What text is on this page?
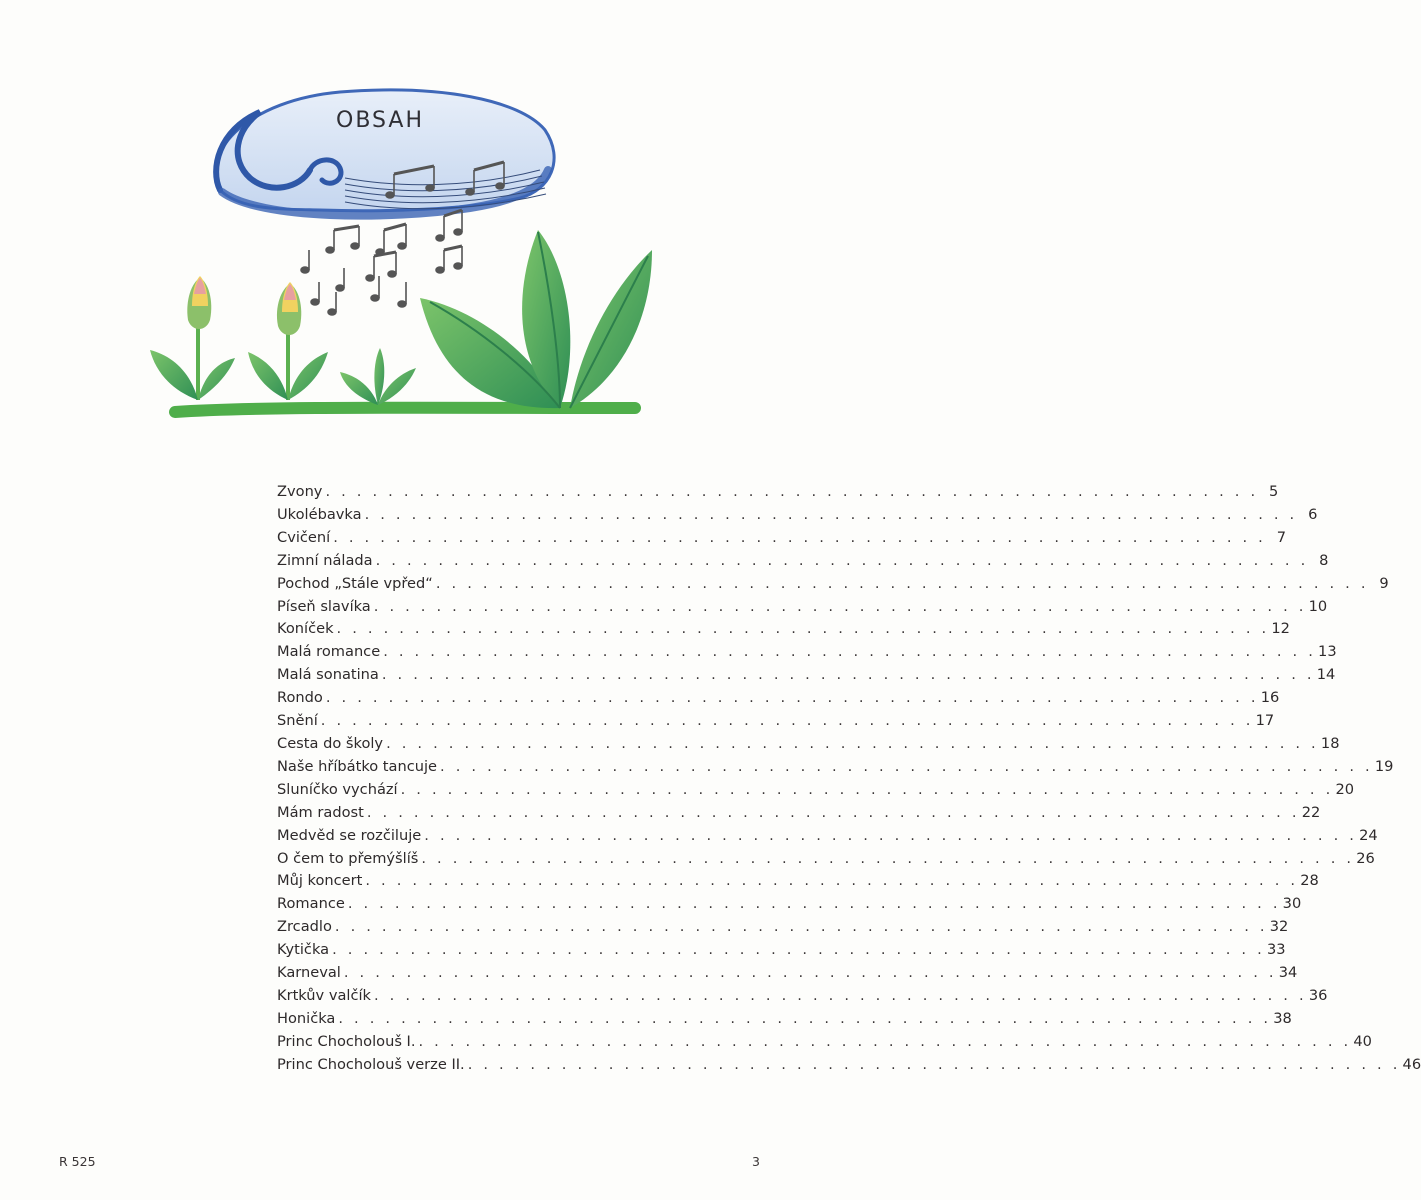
OBSAH
Zvony . . . . . . . . . . . . . . . . . . . . . . . . . . . . . . . . . . . . . . . . . . . . . . . . . . . . . . . . . . . . 5
Ukolébavka . . . . . . . . . . . . . . . . . . . . . . . . . . . . . . . . . . . . . . . . . . . . . . . . . . . . . . . . . . . . 6
Cvičení . . . . . . . . . . . . . . . . . . . . . . . . . . . . . . . . . . . . . . . . . . . . . . . . . . . . . . . . . . . . 7
Zimní nálada . . . . . . . . . . . . . . . . . . . . . . . . . . . . . . . . . . . . . . . . . . . . . . . . . . . . . . . . . . . . 8
Pochod „Stále vpřed“ . . . . . . . . . . . . . . . . . . . . . . . . . . . . . . . . . . . . . . . . . . . . . . . . . . . . . . . . . . . . 9
Píseň slavíka . . . . . . . . . . . . . . . . . . . . . . . . . . . . . . . . . . . . . . . . . . . . . . . . . . . . . . . . . . . . 10
Koníček . . . . . . . . . . . . . . . . . . . . . . . . . . . . . . . . . . . . . . . . . . . . . . . . . . . . . . . . . . . . 12
Malá romance . . . . . . . . . . . . . . . . . . . . . . . . . . . . . . . . . . . . . . . . . . . . . . . . . . . . . . . . . . . . 13
Malá sonatina . . . . . . . . . . . . . . . . . . . . . . . . . . . . . . . . . . . . . . . . . . . . . . . . . . . . . . . . . . . . 14
Rondo . . . . . . . . . . . . . . . . . . . . . . . . . . . . . . . . . . . . . . . . . . . . . . . . . . . . . . . . . . . . 16
Snění . . . . . . . . . . . . . . . . . . . . . . . . . . . . . . . . . . . . . . . . . . . . . . . . . . . . . . . . . . . . 17
Cesta do školy . . . . . . . . . . . . . . . . . . . . . . . . . . . . . . . . . . . . . . . . . . . . . . . . . . . . . . . . . . . . 18
Naše hříbátko tancuje . . . . . . . . . . . . . . . . . . . . . . . . . . . . . . . . . . . . . . . . . . . . . . . . . . . . . . . . . . . . 19
Sluníčko vychází . . . . . . . . . . . . . . . . . . . . . . . . . . . . . . . . . . . . . . . . . . . . . . . . . . . . . . . . . . . . 20
Mám radost . . . . . . . . . . . . . . . . . . . . . . . . . . . . . . . . . . . . . . . . . . . . . . . . . . . . . . . . . . . . 22
Medvěd se rozčiluje . . . . . . . . . . . . . . . . . . . . . . . . . . . . . . . . . . . . . . . . . . . . . . . . . . . . . . . . . . . . 24
O čem to přemýšlíš . . . . . . . . . . . . . . . . . . . . . . . . . . . . . . . . . . . . . . . . . . . . . . . . . . . . . . . . . . . . 26
Můj koncert . . . . . . . . . . . . . . . . . . . . . . . . . . . . . . . . . . . . . . . . . . . . . . . . . . . . . . . . . . . . 28
Romance . . . . . . . . . . . . . . . . . . . . . . . . . . . . . . . . . . . . . . . . . . . . . . . . . . . . . . . . . . . . 30
Zrcadlo . . . . . . . . . . . . . . . . . . . . . . . . . . . . . . . . . . . . . . . . . . . . . . . . . . . . . . . . . . . . 32
Kytička . . . . . . . . . . . . . . . . . . . . . . . . . . . . . . . . . . . . . . . . . . . . . . . . . . . . . . . . . . . . 33
Karneval . . . . . . . . . . . . . . . . . . . . . . . . . . . . . . . . . . . . . . . . . . . . . . . . . . . . . . . . . . . . 34
Krtkův valčík . . . . . . . . . . . . . . . . . . . . . . . . . . . . . . . . . . . . . . . . . . . . . . . . . . . . . . . . . . . . 36
Honička . . . . . . . . . . . . . . . . . . . . . . . . . . . . . . . . . . . . . . . . . . . . . . . . . . . . . . . . . . . . 38
Princ Chocholouš I. . . . . . . . . . . . . . . . . . . . . . . . . . . . . . . . . . . . . . . . . . . . . . . . . . . . . . . . . . . . . 40
Princ Chocholouš verze II. . . . . . . . . . . . . . . . . . . . . . . . . . . . . . . . . . . . . . . . . . . . . . . . . . . . . . . . . . . . . 46
R 525	3
